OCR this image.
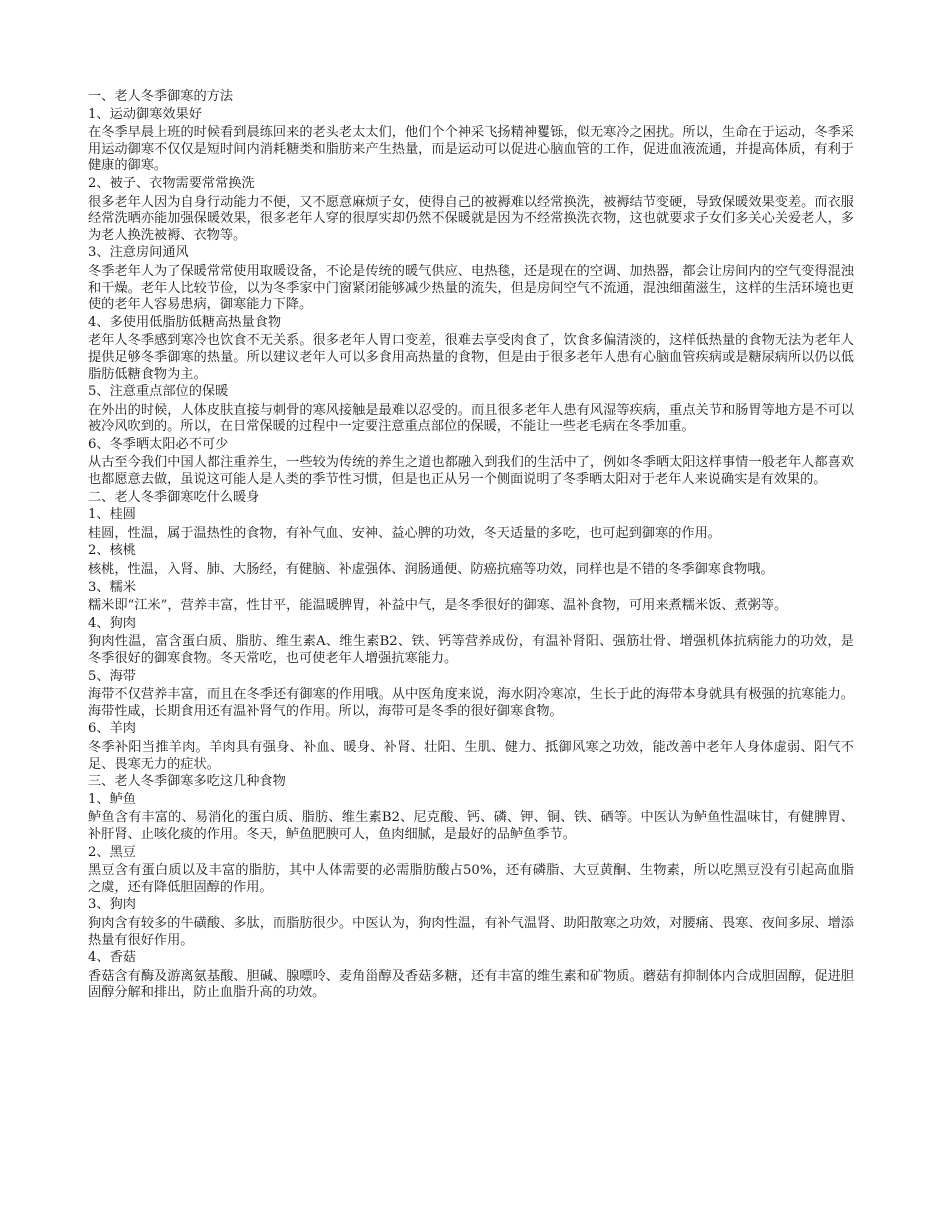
一、老人冬季御寒的方法

1、运动御寒效果好

在冬季早晨上班的时候看到晨练回来的老头老太太们，他们个个神采飞扬精神矍铄，似无寒冷之困扰。所以，生命在于运动，冬季采用运动御寒不仅仅是短时间内消耗糖类和脂肪来产生热量，而是运动可以促进心脑血管的工作，促进血液流通，并提高体质，有利于健康的御寒。

2、被子、衣物需要常常换洗

很多老年人因为自身行动能力不便，又不愿意麻烦子女，使得自己的被褥难以经常换洗，被褥结节变硬，导致保暖效果变差。而衣服经常洗晒亦能加强保暖效果，很多老年人穿的很厚实却仍然不保暖就是因为不经常换洗衣物，这也就要求子女们多关心关爱老人，多为老人换洗被褥、衣物等。

3、注意房间通风

冬季老年人为了保暖常常使用取暖设备，不论是传统的暖气供应、电热毯，还是现在的空调、加热器，都会让房间内的空气变得混浊和干燥。老年人比较节俭，以为冬季家中门窗紧闭能够减少热量的流失，但是房间空气不流通，混浊细菌滋生，这样的生活环境也更使的老年人容易患病，御寒能力下降。

4、多使用低脂肪低糖高热量食物

老年人冬季感到寒冷也饮食不无关系。很多老年人胃口变差，很难去享受肉食了，饮食多偏清淡的，这样低热量的食物无法为老年人提供足够冬季御寒的热量。所以建议老年人可以多食用高热量的食物，但是由于很多老年人患有心脑血管疾病或是糖尿病所以仍以低脂肪低糖食物为主。

5、注意重点部位的保暖

在外出的时候，人体皮肤直接与刺骨的寒风接触是最难以忍受的。而且很多老年人患有风湿等疾病，重点关节和肠胃等地方是不可以被冷风吹到的。所以，在日常保暖的过程中一定要注意重点部位的保暖，不能让一些老毛病在冬季加重。

6、冬季晒太阳必不可少

从古至今我们中国人都注重养生，一些较为传统的养生之道也都融入到我们的生活中了，例如冬季晒太阳这样事情一般老年人都喜欢也都愿意去做，虽说这可能人是人类的季节性习惯，但是也正从另一个侧面说明了冬季晒太阳对于老年人来说确实是有效果的。

二、老人冬季御寒吃什么暖身

1、桂圆

桂圆，性温，属于温热性的食物，有补气血、安神、益心脾的功效，冬天适量的多吃，也可起到御寒的作用。

2、核桃

核桃，性温，入肾、肺、大肠经，有健脑、补虚强体、润肠通便、防癌抗癌等功效，同样也是不错的冬季御寒食物哦。

3、糯米

糯米即“江米”，营养丰富，性甘平，能温暖脾胃，补益中气，是冬季很好的御寒、温补食物，可用来煮糯米饭、煮粥等。

4、狗肉

狗肉性温，富含蛋白质、脂肪、维生素A、维生素B2、铁、钙等营养成份，有温补肾阳、强筋壮骨、增强机体抗病能力的功效，是冬季很好的御寒食物。冬天常吃，也可使老年人增强抗寒能力。

5、海带

海带不仅营养丰富，而且在冬季还有御寒的作用哦。从中医角度来说，海水阴冷寒凉，生长于此的海带本身就具有极强的抗寒能力。海带性咸，长期食用还有温补肾气的作用。所以，海带可是冬季的很好御寒食物。

6、羊肉

冬季补阳当推羊肉。羊肉具有强身、补血、暖身、补肾、壮阳、生肌、健力、抵御风寒之功效，能改善中老年人身体虚弱、阳气不足、畏寒无力的症状。

三、老人冬季御寒多吃这几种食物

1、鲈鱼

鲈鱼含有丰富的、易消化的蛋白质、脂肪、维生素B2、尼克酸、钙、磷、钾、铜、铁、硒等。中医认为鲈鱼性温味甘，有健脾胃、补肝肾、止咳化痰的作用。冬天，鲈鱼肥腴可人，鱼肉细腻，是最好的品鲈鱼季节。

2、黑豆

黑豆含有蛋白质以及丰富的脂肪，其中人体需要的必需脂肪酸占50%，还有磷脂、大豆黄酮、生物素，所以吃黑豆没有引起高血脂之虞，还有降低胆固醇的作用。

3、狗肉

狗肉含有较多的牛磺酸、多肽，而脂肪很少。中医认为，狗肉性温，有补气温肾、助阳散寒之功效，对腰痛、畏寒、夜间多尿、增添热量有很好作用。

4、香菇

香菇含有酶及游离氨基酸、胆碱、腺嘌呤、麦角甾醇及香菇多糖，还有丰富的维生素和矿物质。蘑菇有抑制体内合成胆固醇，促进胆固醇分解和排出，防止血脂升高的功效。
